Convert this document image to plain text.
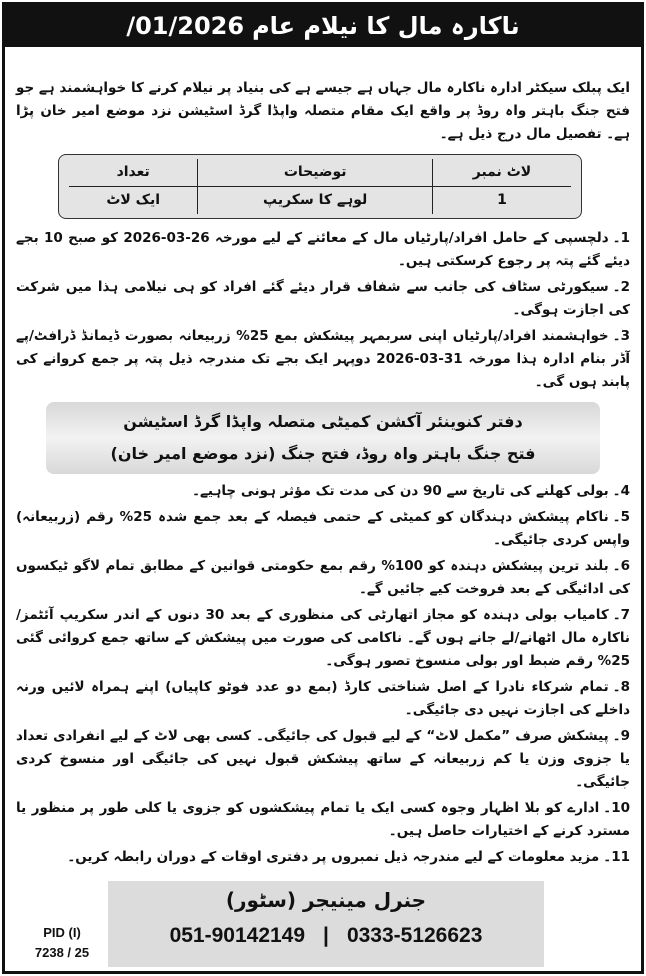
ناکارہ مال کا نیلام عام
01/2026/

ایک پبلک سیکٹر ادارہ ناکارہ مال جہاں ہے جیسے ہے کی بنیاد پر نیلام کرنے کا خواہشمند ہے جو فتح جنگ باہتر واہ روڈ پر واقع ایک مقام متصلہ واپڈا گرڈ اسٹیشن نزد موضع امیر خان پڑا ہے۔ تفصیل مال درج ذیل ہے۔

لاٹ نمبر	توضیحات	تعداد
1	لوہے کا سکریپ	ایک لاٹ

1۔دلچسپی کے حامل افراد/پارٹیاں مال کے معائنے کے لیے مورخہ 26-03-2026 کو صبح 10 بجے دیئے گئے پتہ پر رجوع کرسکتی ہیں۔

2۔سیکورٹی سٹاف کی جانب سے شفاف قرار دیئے گئے افراد کو ہی نیلامی ہذا میں شرکت کی اجازت ہوگی۔

3۔خواہشمند افراد/پارٹیاں اپنی سربمہر پیشکش بمع 25% زربیعانہ بصورت ڈیمانڈ ڈرافٹ/پے آڈر بنام ادارہ ہذا مورخہ 31-03-2026 دوپہر ایک بجے تک مندرجہ ذیل پتہ پر جمع کروانے کی پابند ہوں گی۔

دفتر کنوینئر آکشن کمیٹی متصلہ واپڈا گرڈ اسٹیشن
فتح جنگ باہتر واہ روڈ، فتح جنگ (نزد موضع امیر خان)

4۔بولی کھلنے کی تاریخ سے 90 دن کی مدت تک مؤثر ہونی چاہیے۔

5۔ناکام پیشکش دہندگان کو کمیٹی کے حتمی فیصلہ کے بعد جمع شدہ 25% رقم (زربیعانہ) واپس کردی جائیگی۔

6۔بلند ترین پیشکش دہندہ کو 100% رقم بمع حکومتی قوانین کے مطابق تمام لاگو ٹیکسوں کی ادائیگی کے بعد فروخت کیے جائیں گے۔

7۔کامیاب بولی دہندہ کو مجاز اتھارٹی کی منظوری کے بعد 30 دنوں کے اندر سکریپ آئٹمز/ناکارہ مال اٹھانے/لے جانے ہوں گے۔ ناکامی کی صورت میں پیشکش کے ساتھ جمع کروائی گئی 25% رقم ضبط اور بولی منسوخ تصور ہوگی۔

8۔تمام شرکاء نادرا کے اصل شناختی کارڈ (بمع دو عدد فوٹو کاپیاں) اپنے ہمراہ لائیں ورنہ داخلے کی اجازت نہیں دی جائیگی۔

9۔پیشکش صرف ”مکمل لاٹ“ کے لیے قبول کی جائیگی۔ کسی بھی لاٹ کے لیے انفرادی تعداد یا جزوی وزن یا کم زربیعانہ کے ساتھ پیشکش قبول نہیں کی جائیگی اور منسوخ کردی جائیگی۔

10۔ادارے کو بلا اظہار وجوہ کسی ایک یا تمام پیشکشوں کو جزوی یا کلی طور پر منظور یا مسترد کرنے کے اختیارات حاصل ہیں۔

11۔مزید معلومات کے لیے مندرجہ ذیل نمبروں پر دفتری اوقات کے دوران رابطہ کریں۔

PID (I)
7238 / 25
جنرل مینیجر (سٹور)
051-90142149 | 0333-5126623
